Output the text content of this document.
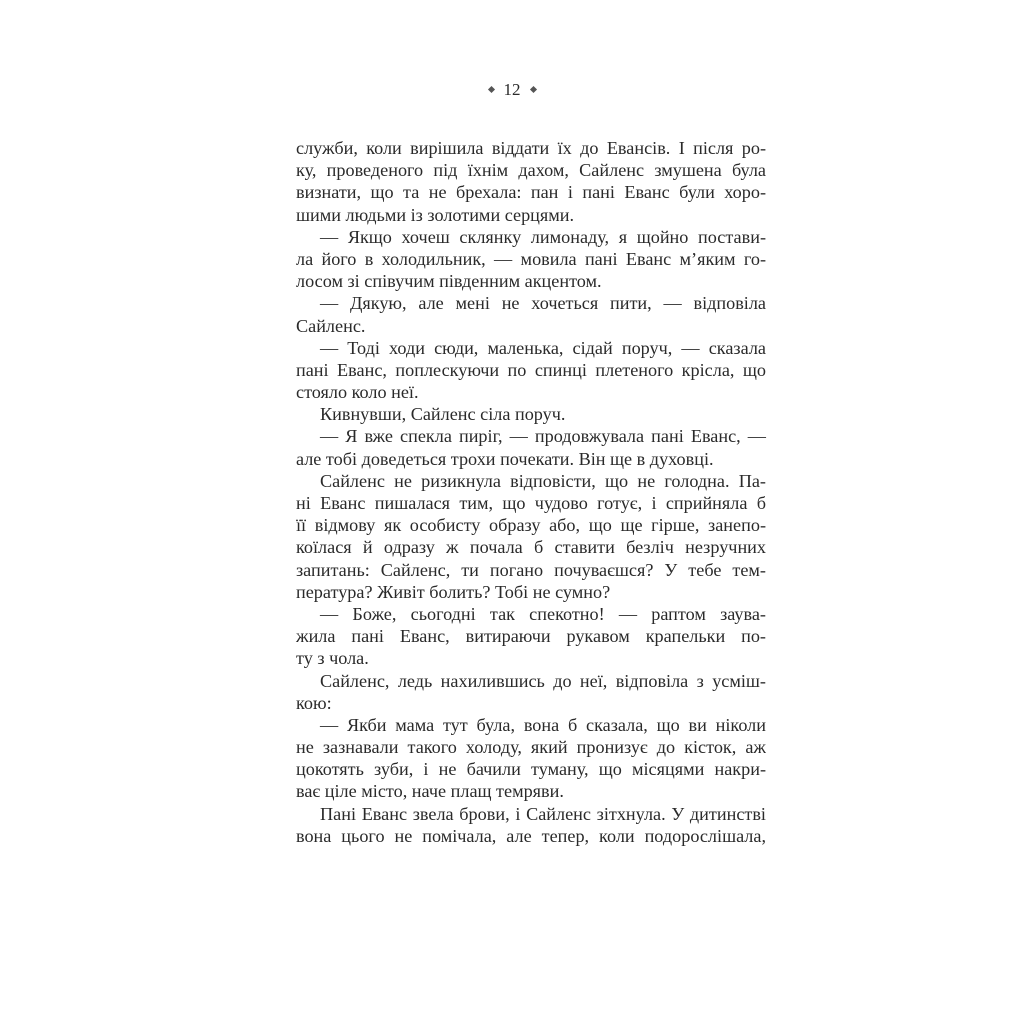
12
служби, коли вирішила віддати їх до Евансів. І після ро-
ку, проведеного під їхнім дахом, Сайленс змушена була
визнати, що та не брехала: пан і пані Еванс були хоро-
шими людьми із золотими серцями.
— Якщо хочеш склянку лимонаду, я щойно постави-
ла його в холодильник, — мовила пані Еванс м’яким го-
лосом зі співучим південним акцентом.
— Дякую, але мені не хочеться пити, — відповіла
Сайленс.
— Тоді ходи сюди, маленька, сідай поруч, — сказала
пані Еванс, поплескуючи по спинці плетеного крісла, що
стояло коло неї.
Кивнувши, Сайленс сіла поруч.
— Я вже спекла пиріг, — продовжувала пані Еванс, —
але тобі доведеться трохи почекати. Він ще в духовці.
Сайленс не ризикнула відповісти, що не голодна. Па-
ні Еванс пишалася тим, що чудово готує, і сприйняла б
її відмову як особисту образу або, що ще гірше, занепо-
коїлася й одразу ж почала б ставити безліч незручних
запитань: Сайленс, ти погано почуваєшся? У тебе тем-
пература? Живіт болить? Тобі не сумно?
— Боже, сьогодні так спекотно! — раптом заува-
жила пані Еванс, витираючи рукавом крапельки по-
ту з чола.
Сайленс, ледь нахилившись до неї, відповіла з усміш-
кою:
— Якби мама тут була, вона б сказала, що ви ніколи
не зазнавали такого холоду, який пронизує до кісток, аж
цокотять зуби, і не бачили туману, що місяцями накри-
ває ціле місто, наче плащ темряви.
Пані Еванс звела брови, і Сайленс зітхнула. У дитинстві
вона цього не помічала, але тепер, коли подорослішала,
